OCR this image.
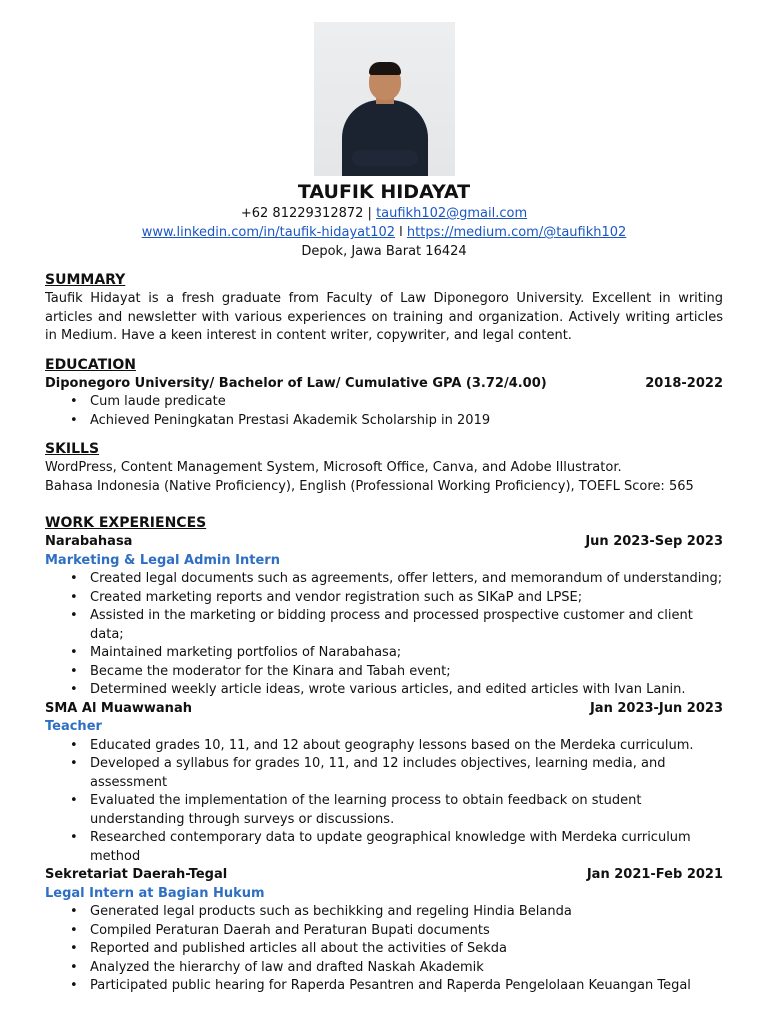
TAUFIK HIDAYAT
+62 81229312872 | taufikh102@gmail.com
www.linkedin.com/in/taufik-hidayat102 l https://medium.com/@taufikh102
Depok, Jawa Barat 16424
SUMMARY
Taufik Hidayat is a fresh graduate from Faculty of Law Diponegoro University. Excellent in writing articles and newsletter with various experiences on training and organization. Actively writing articles in Medium. Have a keen interest in content writer, copywriter, and legal content.
EDUCATION
Diponegoro University/ Bachelor of Law/ Cumulative GPA (3.72/4.00)	2018-2022
• Cum laude predicate
• Achieved Peningkatan Prestasi Akademik Scholarship in 2019
SKILLS
WordPress, Content Management System, Microsoft Office, Canva, and Adobe Illustrator.
Bahasa Indonesia (Native Proficiency), English (Professional Working Proficiency), TOEFL Score: 565
WORK EXPERIENCES
Narabahasa	Jun 2023-Sep 2023
Marketing & Legal Admin Intern
• Created legal documents such as agreements, offer letters, and memorandum of understanding;
• Created marketing reports and vendor registration such as SIKaP and LPSE;
• Assisted in the marketing or bidding process and processed prospective customer and client data;
• Maintained marketing portfolios of Narabahasa;
• Became the moderator for the Kinara and Tabah event;
• Determined weekly article ideas, wrote various articles, and edited articles with Ivan Lanin.
SMA Al Muawwanah	Jan 2023-Jun 2023
Teacher
• Educated grades 10, 11, and 12 about geography lessons based on the Merdeka curriculum.
• Developed a syllabus for grades 10, 11, and 12 includes objectives, learning media, and assessment
• Evaluated the implementation of the learning process to obtain feedback on student understanding through surveys or discussions.
• Researched contemporary data to update geographical knowledge with Merdeka curriculum method
Sekretariat Daerah-Tegal	Jan 2021-Feb 2021
Legal Intern at Bagian Hukum
• Generated legal products such as bechikking and regeling Hindia Belanda
• Compiled Peraturan Daerah and Peraturan Bupati documents
• Reported and published articles all about the activities of Sekda
• Analyzed the hierarchy of law and drafted Naskah Akademik
• Participated public hearing for Raperda Pesantren and Raperda Pengelolaan Keuangan Tegal
